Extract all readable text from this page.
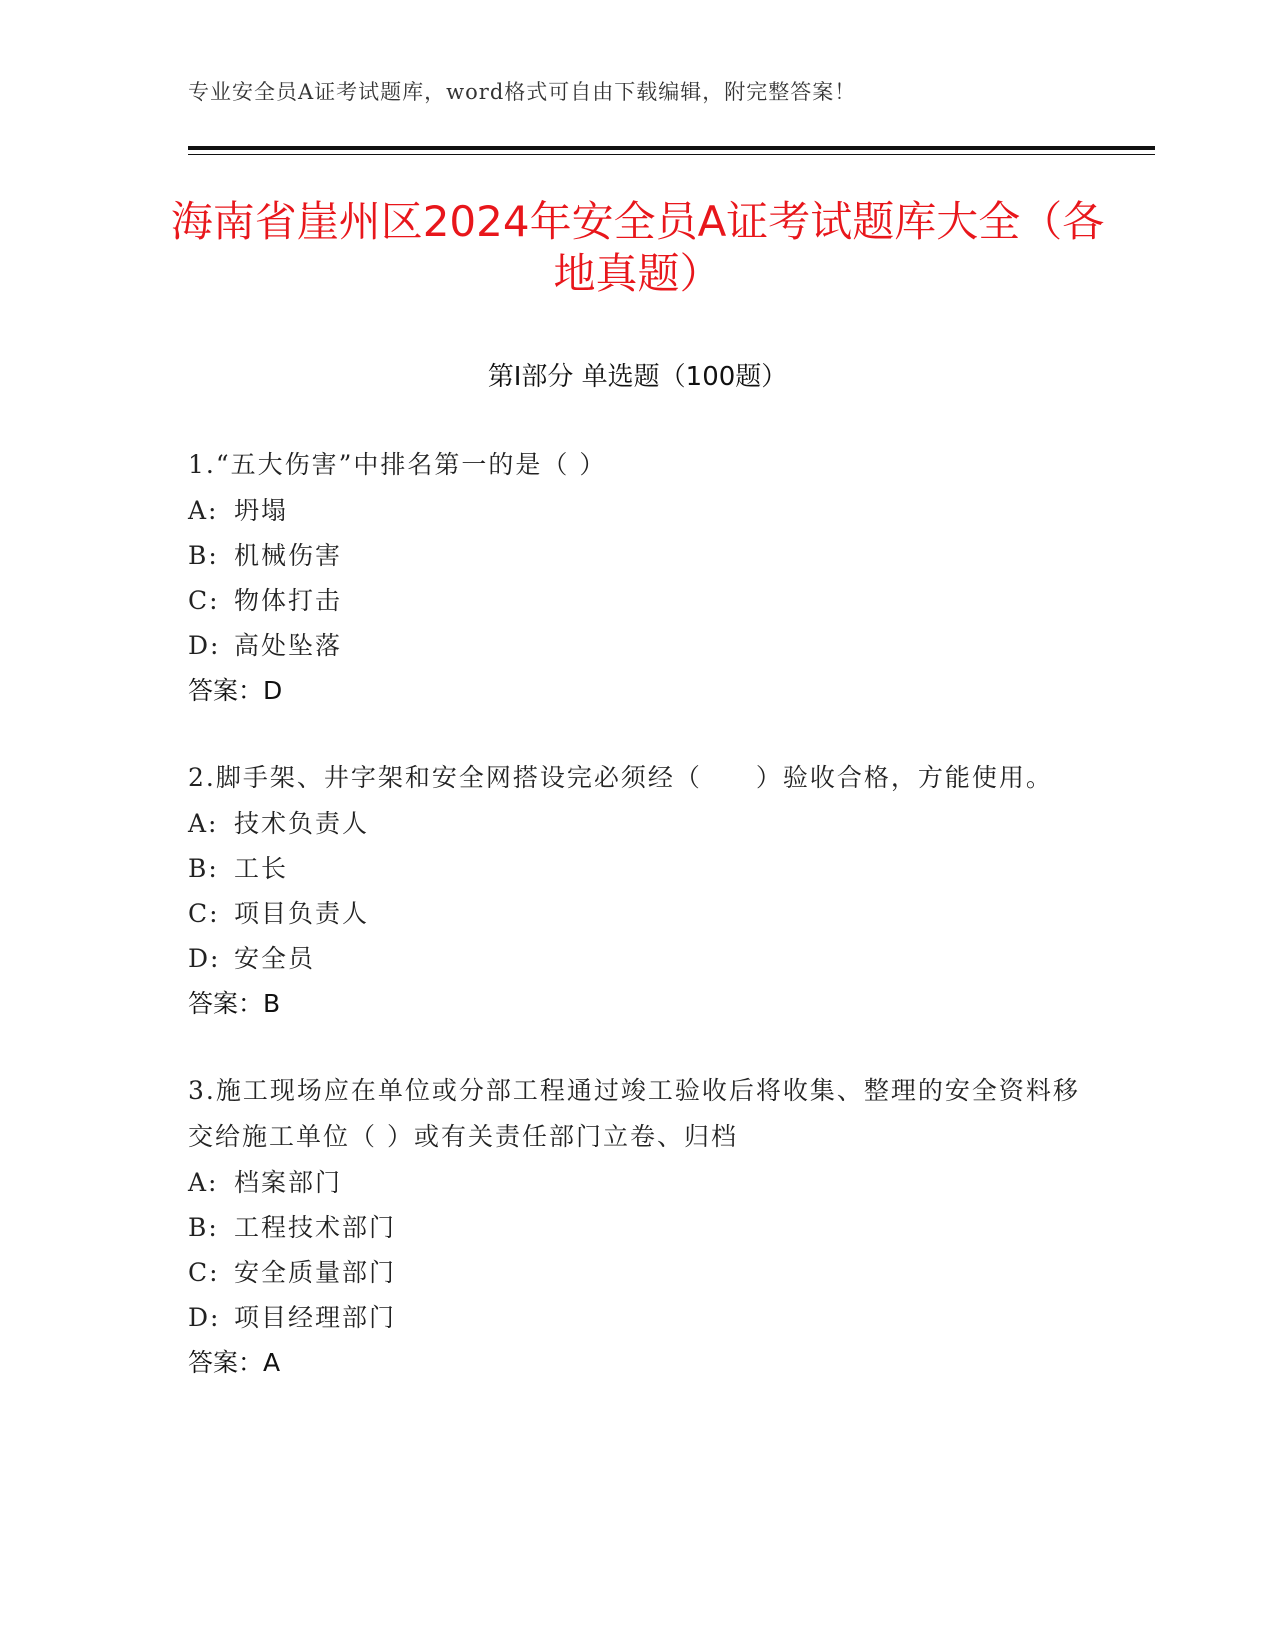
专业安全员A证考试题库，word格式可自由下载编辑，附完整答案！
海南省崖州区2024年安全员A证考试题库大全（各地真题）
第Ⅰ部分 单选题（100题）
1.“五大伤害”中排名第一的是（ ）
A: 坍塌
B: 机械伤害
C: 物体打击
D: 高处坠落
答案：D
2.脚手架、井字架和安全网搭设完必须经（　　）验收合格，方能使用。
A: 技术负责人
B: 工长
C: 项目负责人
D: 安全员
答案：B
3.施工现场应在单位或分部工程通过竣工验收后将收集、整理的安全资料移交给施工单位（ ）或有关责任部门立卷、归档
A: 档案部门
B: 工程技术部门
C: 安全质量部门
D: 项目经理部门
答案：A
